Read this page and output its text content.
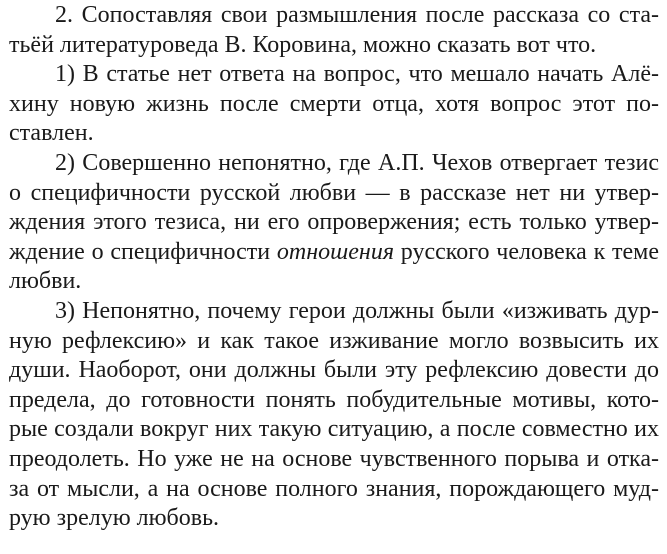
2. Сопоставляя свои размышления после рассказа со ста-
тьёй литературоведа В. Коровина, можно сказать вот что.
1) В статье нет ответа на вопрос, что мешало начать Алё-
хину новую жизнь после смерти отца, хотя вопрос этот по-
ставлен.
2) Совершенно непонятно, где А.П. Чехов отвергает тезис
о специфичности русской любви — в рассказе нет ни утвер-
ждения этого тезиса, ни его опровержения; есть только утвер-
ждение о специфичности отношения русского человека к теме
любви.
3) Непонятно, почему герои должны были «изживать дур-
ную рефлексию» и как такое изживание могло возвысить их
души. Наоборот, они должны были эту рефлексию довести до
предела, до готовности понять побудительные мотивы, кото-
рые создали вокруг них такую ситуацию, а после совместно их
преодолеть. Но уже не на основе чувственного порыва и отка-
за от мысли, а на основе полного знания, порождающего муд-
рую зрелую любовь.
